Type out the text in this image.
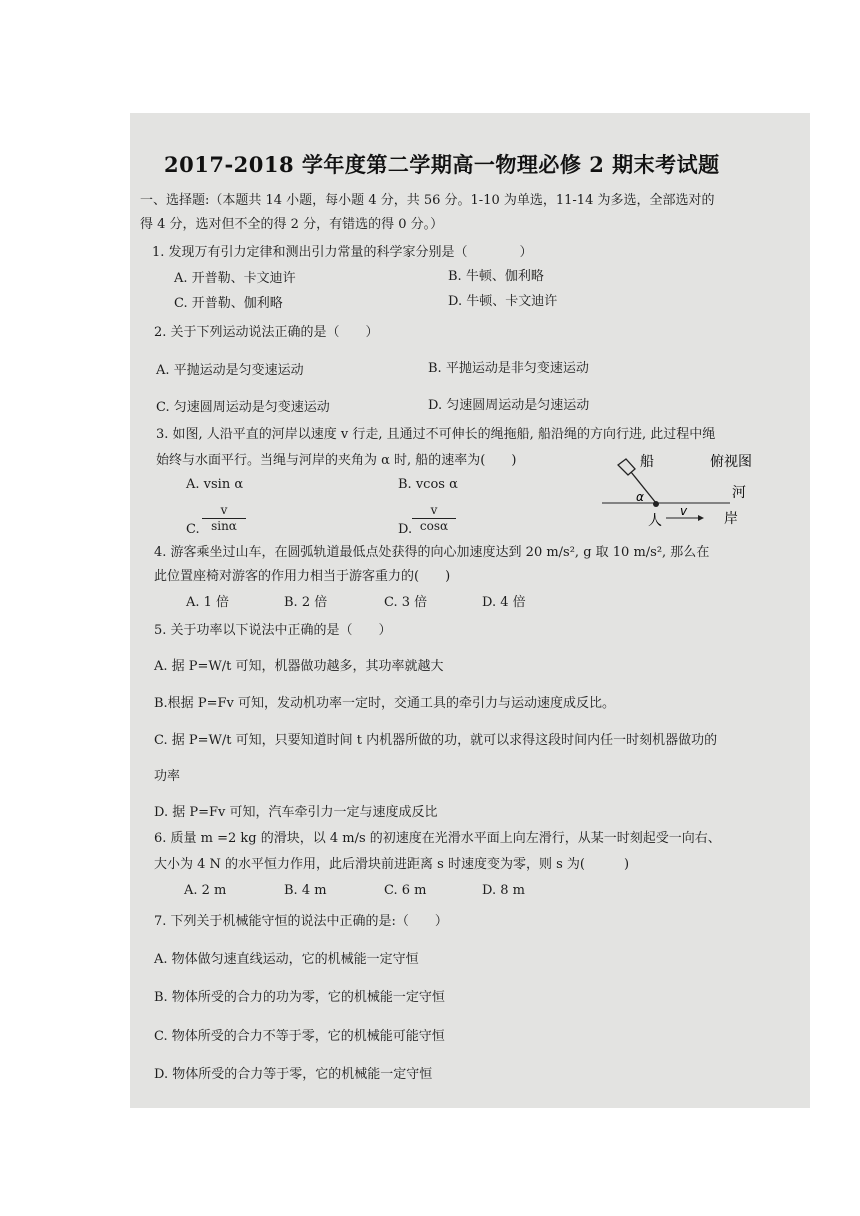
2017-2018 学年度第二学期高一物理必修 2 期末考试题
一、选择题:（本题共 14 小题，每小题 4 分，共 56 分。1-10 为单选，11-14 为多选，全部选对的
得 4 分，选对但不全的得 2 分，有错选的得 0 分。）
1. 发现万有引力定律和测出引力常量的科学家分别是（　　　　）
A. 开普勒、卡文迪许	B. 牛顿、伽利略
C. 开普勒、伽利略	D. 牛顿、卡文迪许
2. 关于下列运动说法正确的是（　　）
A. 平抛运动是匀变速运动	B. 平抛运动是非匀变速运动
C. 匀速圆周运动是匀变速运动	D. 匀速圆周运动是匀速运动
3. 如图, 人沿平直的河岸以速度 v 行走, 且通过不可伸长的绳拖船, 船沿绳的方向行进, 此过程中绳
始终与水面平行。当绳与河岸的夹角为 α 时, 船的速率为(　　)
A. vsin α	B. vcos α
C. $\frac{v}{\sin\alpha}$	D. $\frac{v}{\cos\alpha}$
船	俯视图
河
α
人
v	岸
4. 游客乘坐过山车，在圆弧轨道最低点处获得的向心加速度达到 20 m/s², g 取 10 m/s², 那么在
此位置座椅对游客的作用力相当于游客重力的(　　)
A. 1 倍	B. 2 倍	C. 3 倍	D. 4 倍
5. 关于功率以下说法中正确的是（　　）
A. 据 P=W/t 可知，机器做功越多，其功率就越大
B.根据 P=Fv 可知，发动机功率一定时，交通工具的牵引力与运动速度成反比。
C. 据 P=W/t 可知，只要知道时间 t 内机器所做的功，就可以求得这段时间内任一时刻机器做功的
功率
D. 据 P=Fv 可知，汽车牵引力一定与速度成反比
6. 质量 m =2 kg 的滑块，以 4 m/s 的初速度在光滑水平面上向左滑行，从某一时刻起受一向右、
大小为 4 N 的水平恒力作用，此后滑块前进距离 s 时速度变为零，则 s 为(　　　)
A. 2 m	B. 4 m	C. 6 m	D. 8 m
7. 下列关于机械能守恒的说法中正确的是:（　　）
A. 物体做匀速直线运动，它的机械能一定守恒
B. 物体所受的合力的功为零，它的机械能一定守恒
C. 物体所受的合力不等于零，它的机械能可能守恒
D. 物体所受的合力等于零，它的机械能一定守恒
